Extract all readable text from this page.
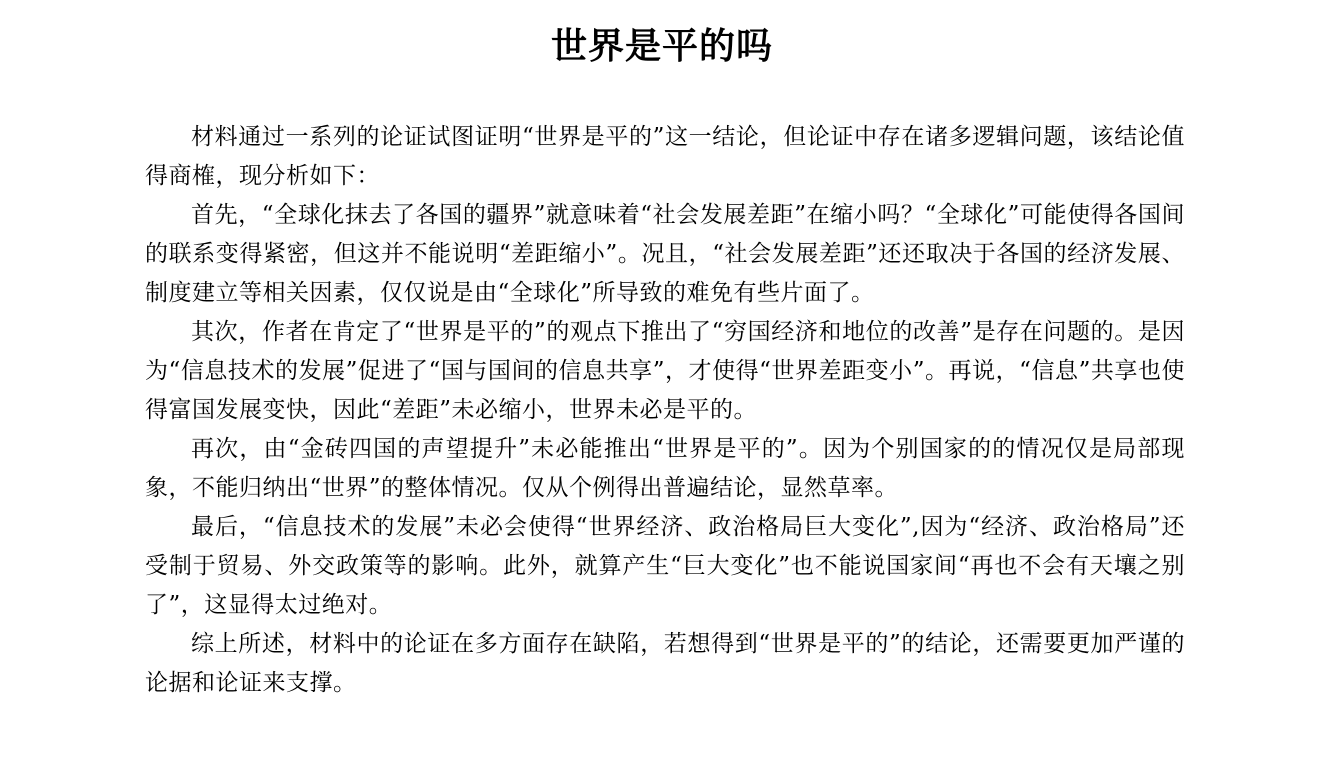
世界是平的吗

材料通过一系列的论证试图证明“世界是平的”这一结论，但论证中存在诸多逻辑问题，该结论值得商榷，现分析如下：

首先，“全球化抹去了各国的疆界”就意味着“社会发展差距”在缩小吗？“全球化”可能使得各国间的联系变得紧密，但这并不能说明“差距缩小”。况且，“社会发展差距”还还取决于各国的经济发展、制度建立等相关因素，仅仅说是由“全球化”所导致的难免有些片面了。

其次，作者在肯定了“世界是平的”的观点下推出了“穷国经济和地位的改善”是存在问题的。是因为“信息技术的发展”促进了“国与国间的信息共享”，才使得“世界差距变小”。再说，“信息”共享也使得富国发展变快，因此“差距”未必缩小，世界未必是平的。

再次，由“金砖四国的声望提升”未必能推出“世界是平的”。因为个别国家的的情况仅是局部现象，不能归纳出“世界”的整体情况。仅从个例得出普遍结论，显然草率。

最后，“信息技术的发展”未必会使得“世界经济、政治格局巨大变化”,因为“经济、政治格局”还受制于贸易、外交政策等的影响。此外，就算产生“巨大变化”也不能说国家间“再也不会有天壤之别了”，这显得太过绝对。

综上所述，材料中的论证在多方面存在缺陷，若想得到“世界是平的”的结论，还需要更加严谨的论据和论证来支撑。
